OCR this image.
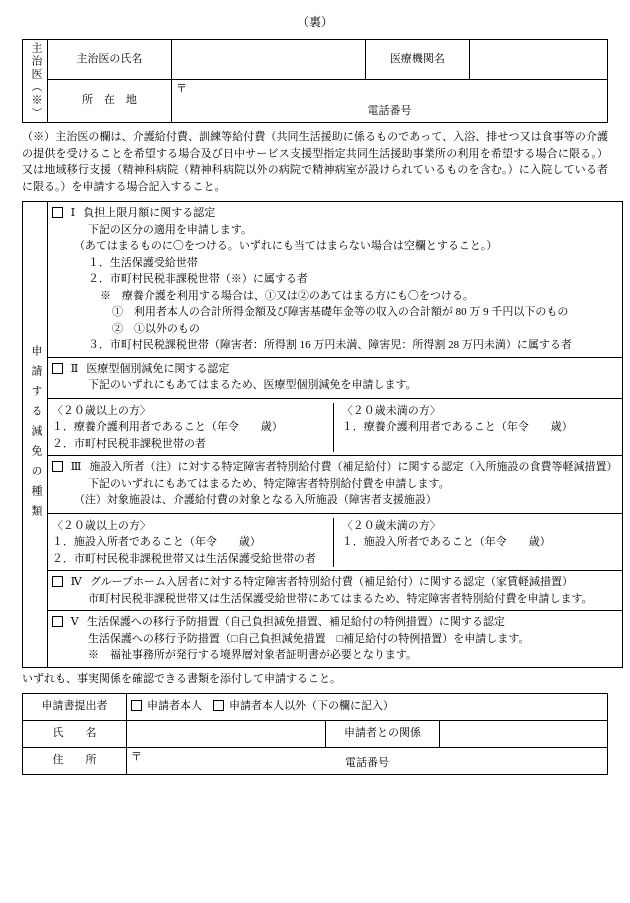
（裏）
主治医（※）	主治医の氏名		医療機関名	
	所　在　地	〒
電話番号		
（※）主治医の欄は、介護給付費、訓練等給付費（共同生活援助に係るものであって、入浴、排せつ又は食事等の介護の提供を受けることを希望する場合及び日中サービス支援型指定共同生活援助事業所の利用を希望する場合に限る。）又は地域移行支援（精神科病院（精神科病院以外の病院で精神病室が設けられているものを含む。）に入院している者に限る。）を申請する場合記入すること。
申請する減免の種類	
Ⅰ 負担上限月額に関する認定
下記の区分の適用を申請します。
（あてはまるものに〇をつける。いずれにも当てはまらない場合は空欄とすること。）
１．生活保護受給世帯
２．市町村民税非課税世帯（※）に属する者
※　療養介護を利用する場合は、①又は②のあてはまる方にも〇をつける。
①　利用者本人の合計所得金額及び障害基礎年金等の収入の合計額が 80 万 9 千円以下のもの
②　①以外のもの
３．市町村民税課税世帯（障害者：所得割 16 万円未満、障害児：所得割 28 万円未満）に属する者

Ⅱ 医療型個別減免に関する認定
下記のいずれにもあてはまるため、医療型個別減免を申請します。
〈２０歳以上の方〉
１．療養介護利用者であること（年令　　歳）
２．市町村民税非課税世帯の者
〈２０歳未満の方〉
１．療養介護利用者であること（年令　　歳）

Ⅲ 施設入所者（注）に対する特定障害者特別給付費（補足給付）に関する認定（入所施設の食費等軽減措置）
下記のいずれにもあてはまるため、特定障害者特別給付費を申請します。
（注）対象施設は、介護給付費の対象となる入所施設（障害者支援施設）
〈２０歳以上の方〉
１．施設入所者であること（年令　　歳）
２．市町村民税非課税世帯又は生活保護受給世帯の者
〈２０歳未満の方〉
１．施設入所者であること（年令　　歳）

Ⅳ グループホーム入居者に対する特定障害者特別給付費（補足給付）に関する認定（家賃軽減措置）
市町村民税非課税世帯又は生活保護受給世帯にあてはまるため、特定障害者特別給付費を申請します。

Ⅴ 生活保護への移行予防措置（自己負担減免措置、補足給付の特例措置）に関する認定
生活保護への移行予防措置（□自己負担減免措置　□補足給付の特例措置）を申請します。
※　福祉事務所が発行する境界層対象者証明書が必要となります。
いずれも、事実関係を確認できる書類を添付して申請すること。
申請書提出者	申請者本人 申請者本人以外（下の欄に記入）		
氏　　名		申請者との関係	
住　　所	〒
電話番号		
